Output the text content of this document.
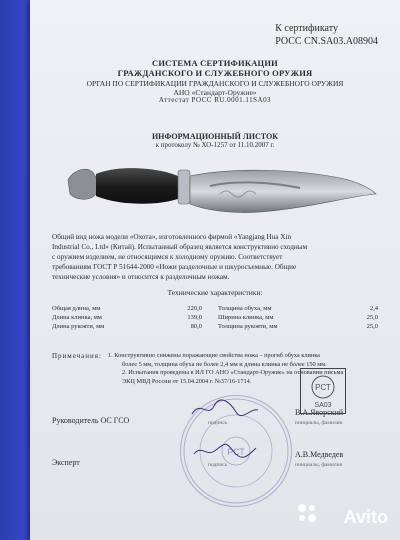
К сертификату
РОСС CN.SA03.A08904
СИСТЕМА СЕРТИФИКАЦИИ
ГРАЖДАНСКОГО И СЛУЖЕБНОГО ОРУЖИЯ
ОРГАН ПО СЕРТИФИКАЦИИ ГРАЖДАНСКОГО И СЛУЖЕБНОГО ОРУЖИЯ
АНО «Стандарт-Оружие»
Аттестат РОСС RU.0001.11SA03
ИНФОРМАЦИОННЫЙ ЛИСТОК
к протоколу № ХО-1257 от 11.10.2007 г.
Общий вид ножа модели «Охота», изготовленного фирмой «Yangjang Hua Xin
Industrial Co., Ltd» (Китай). Испытанный образец является конструктивно сходным
с оружием изделием, не относящимся к холодному оружию. Соответствует
требованиям ГОСТ Р 51644-2000 «Ножи разделочные и шкуросъемные. Общие
технические условия» и относится к разделочным ножам.
Технические характеристики:
Общая длина, мм	220,0
Длина клинка, мм	139,0
Длина рукояти, мм	80,0
Толщина обуха, мм	2,4
Ширина клинка, мм	25,0
Толщина рукояти, мм	25,0
Примечания: 1. Конструктивно снижены поражающие свойства ножа – прогиб обуха клинка
более 5 мм, толщина обуха не более 2,4 мм и длина клинка не более 150 мм.
2. Испытания проведены в ИЛ ГО АНО «Стандарт-Оружие» на основании письма
ЭКЦ МВД России от 15.04.2004 г. №37/16-1714.
РСТ
Руководитель ОС ГСО	подпись
В.А.Яворский
инициалы, фамилия
РСТ
SA03
Эксперт	подпись
А.В.Медведев
инициалы, фамилия
Avito
